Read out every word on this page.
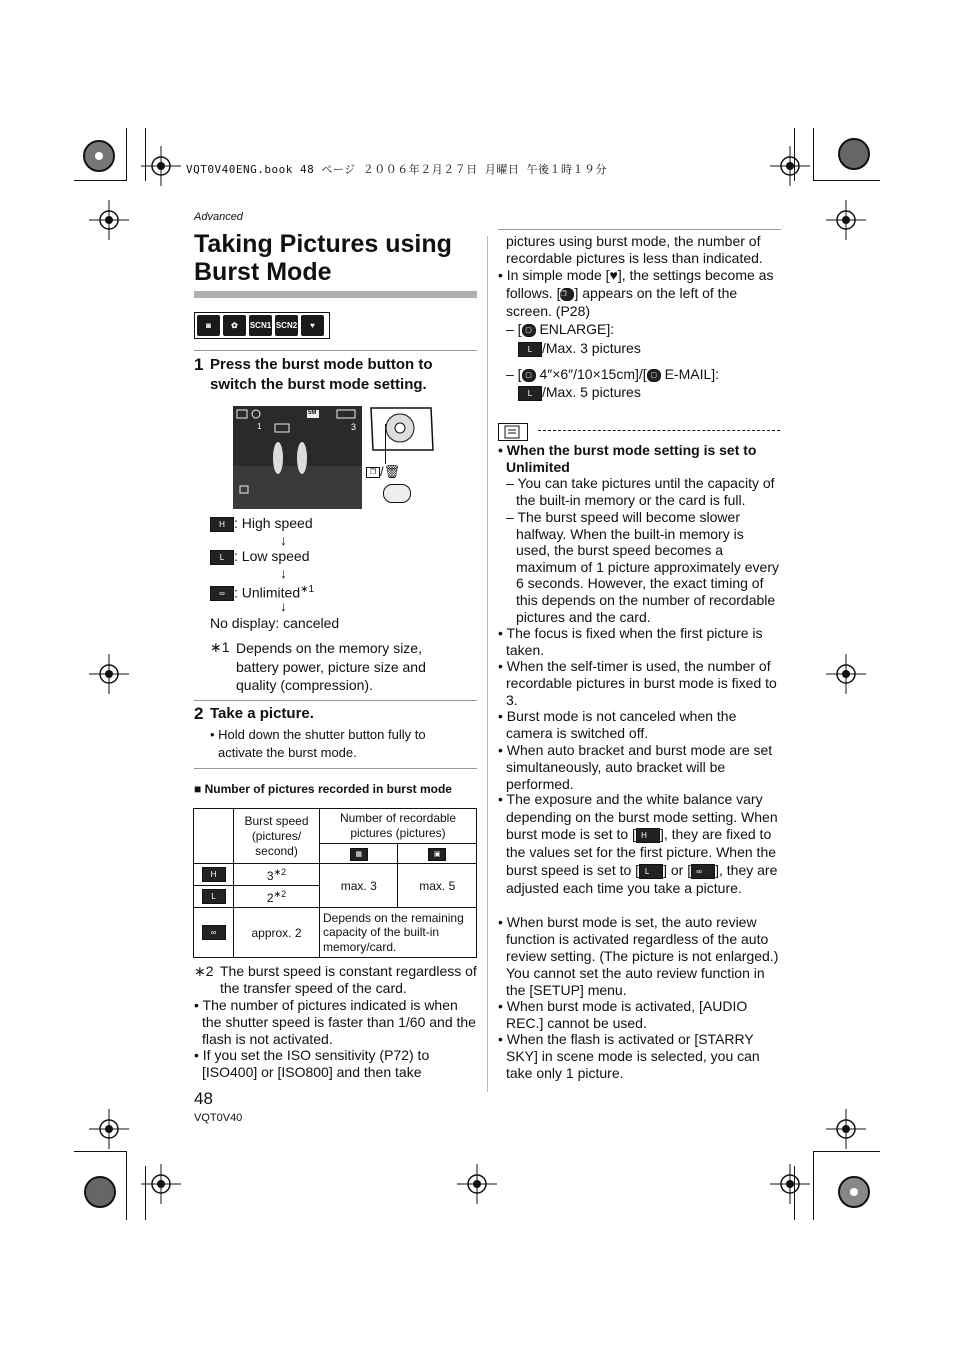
VQT0V40ENG.book 48 ページ ２００６年２月２７日 月曜日 午後１時１９分
Advanced
Taking Pictures using Burst Mode
◙	✿	SCN1 SCN2	♥
1 Press the burst mode button to switch the burst mode setting.
1	3
5M
❐ /🗑
H : High speed
↓
L : Low speed
↓
∞ : Unlimited$^{∗1}$
↓
No display: canceled
∗1 Depends on the memory size, battery power, picture size and quality (compression).
2 Take a picture.
• Hold down the shutter button fully to activate the burst mode.
■ Number of pictures recorded in burst mode
	Burst speed (pictures/ second)	Number of recordable pictures (pictures)	
		▦	▣
H	$3^{∗2}$	max. 3	max. 5
L	$2^{∗2}$
∞	approx. 2	Depends on the remaining capacity of the built-in memory/card.	
∗2 The burst speed is constant regardless of the transfer speed of the card.
• The number of pictures indicated is when the shutter speed is faster than 1/60 and the flash is not activated.
• If you set the ISO sensitivity (P72) to [ISO400] or [ISO800] and then take
48
VQT0V40
pictures using burst mode, the number of recordable pictures is less than indicated.
• In simple mode [♥], the settings become as follows. [❐ ] appears on the left of the screen. (P28)
– [ ▢ ENLARGE]:
L /Max. 3 pictures
– [ ▢ 4″×6″/10×15cm]/[ ▢ E-MAIL]:
L /Max. 5 pictures
• When the burst mode setting is set to Unlimited
– You can take pictures until the capacity of the built-in memory or the card is full.
– The burst speed will become slower halfway. When the built-in memory is used, the burst speed becomes a maximum of 1 picture approximately every 6 seconds. However, the exact timing of this depends on the number of recordable pictures and the card.
• The focus is fixed when the first picture is taken.
• When the self-timer is used, the number of recordable pictures in burst mode is fixed to 3.
• Burst mode is not canceled when the camera is switched off.
• When auto bracket and burst mode are set simultaneously, auto bracket will be performed.
• The exposure and the white balance vary depending on the burst mode setting. When burst mode is set to [ H ], they are fixed to the values set for the first picture. When the burst speed is set to [ L ] or [ ∞ ], they are adjusted each time you take a picture.
• When burst mode is set, the auto review function is activated regardless of the auto review setting. (The picture is not enlarged.) You cannot set the auto review function in the [SETUP] menu.
• When burst mode is activated, [AUDIO REC.] cannot be used.
• When the flash is activated or [STARRY SKY] in scene mode is selected, you can take only 1 picture.
